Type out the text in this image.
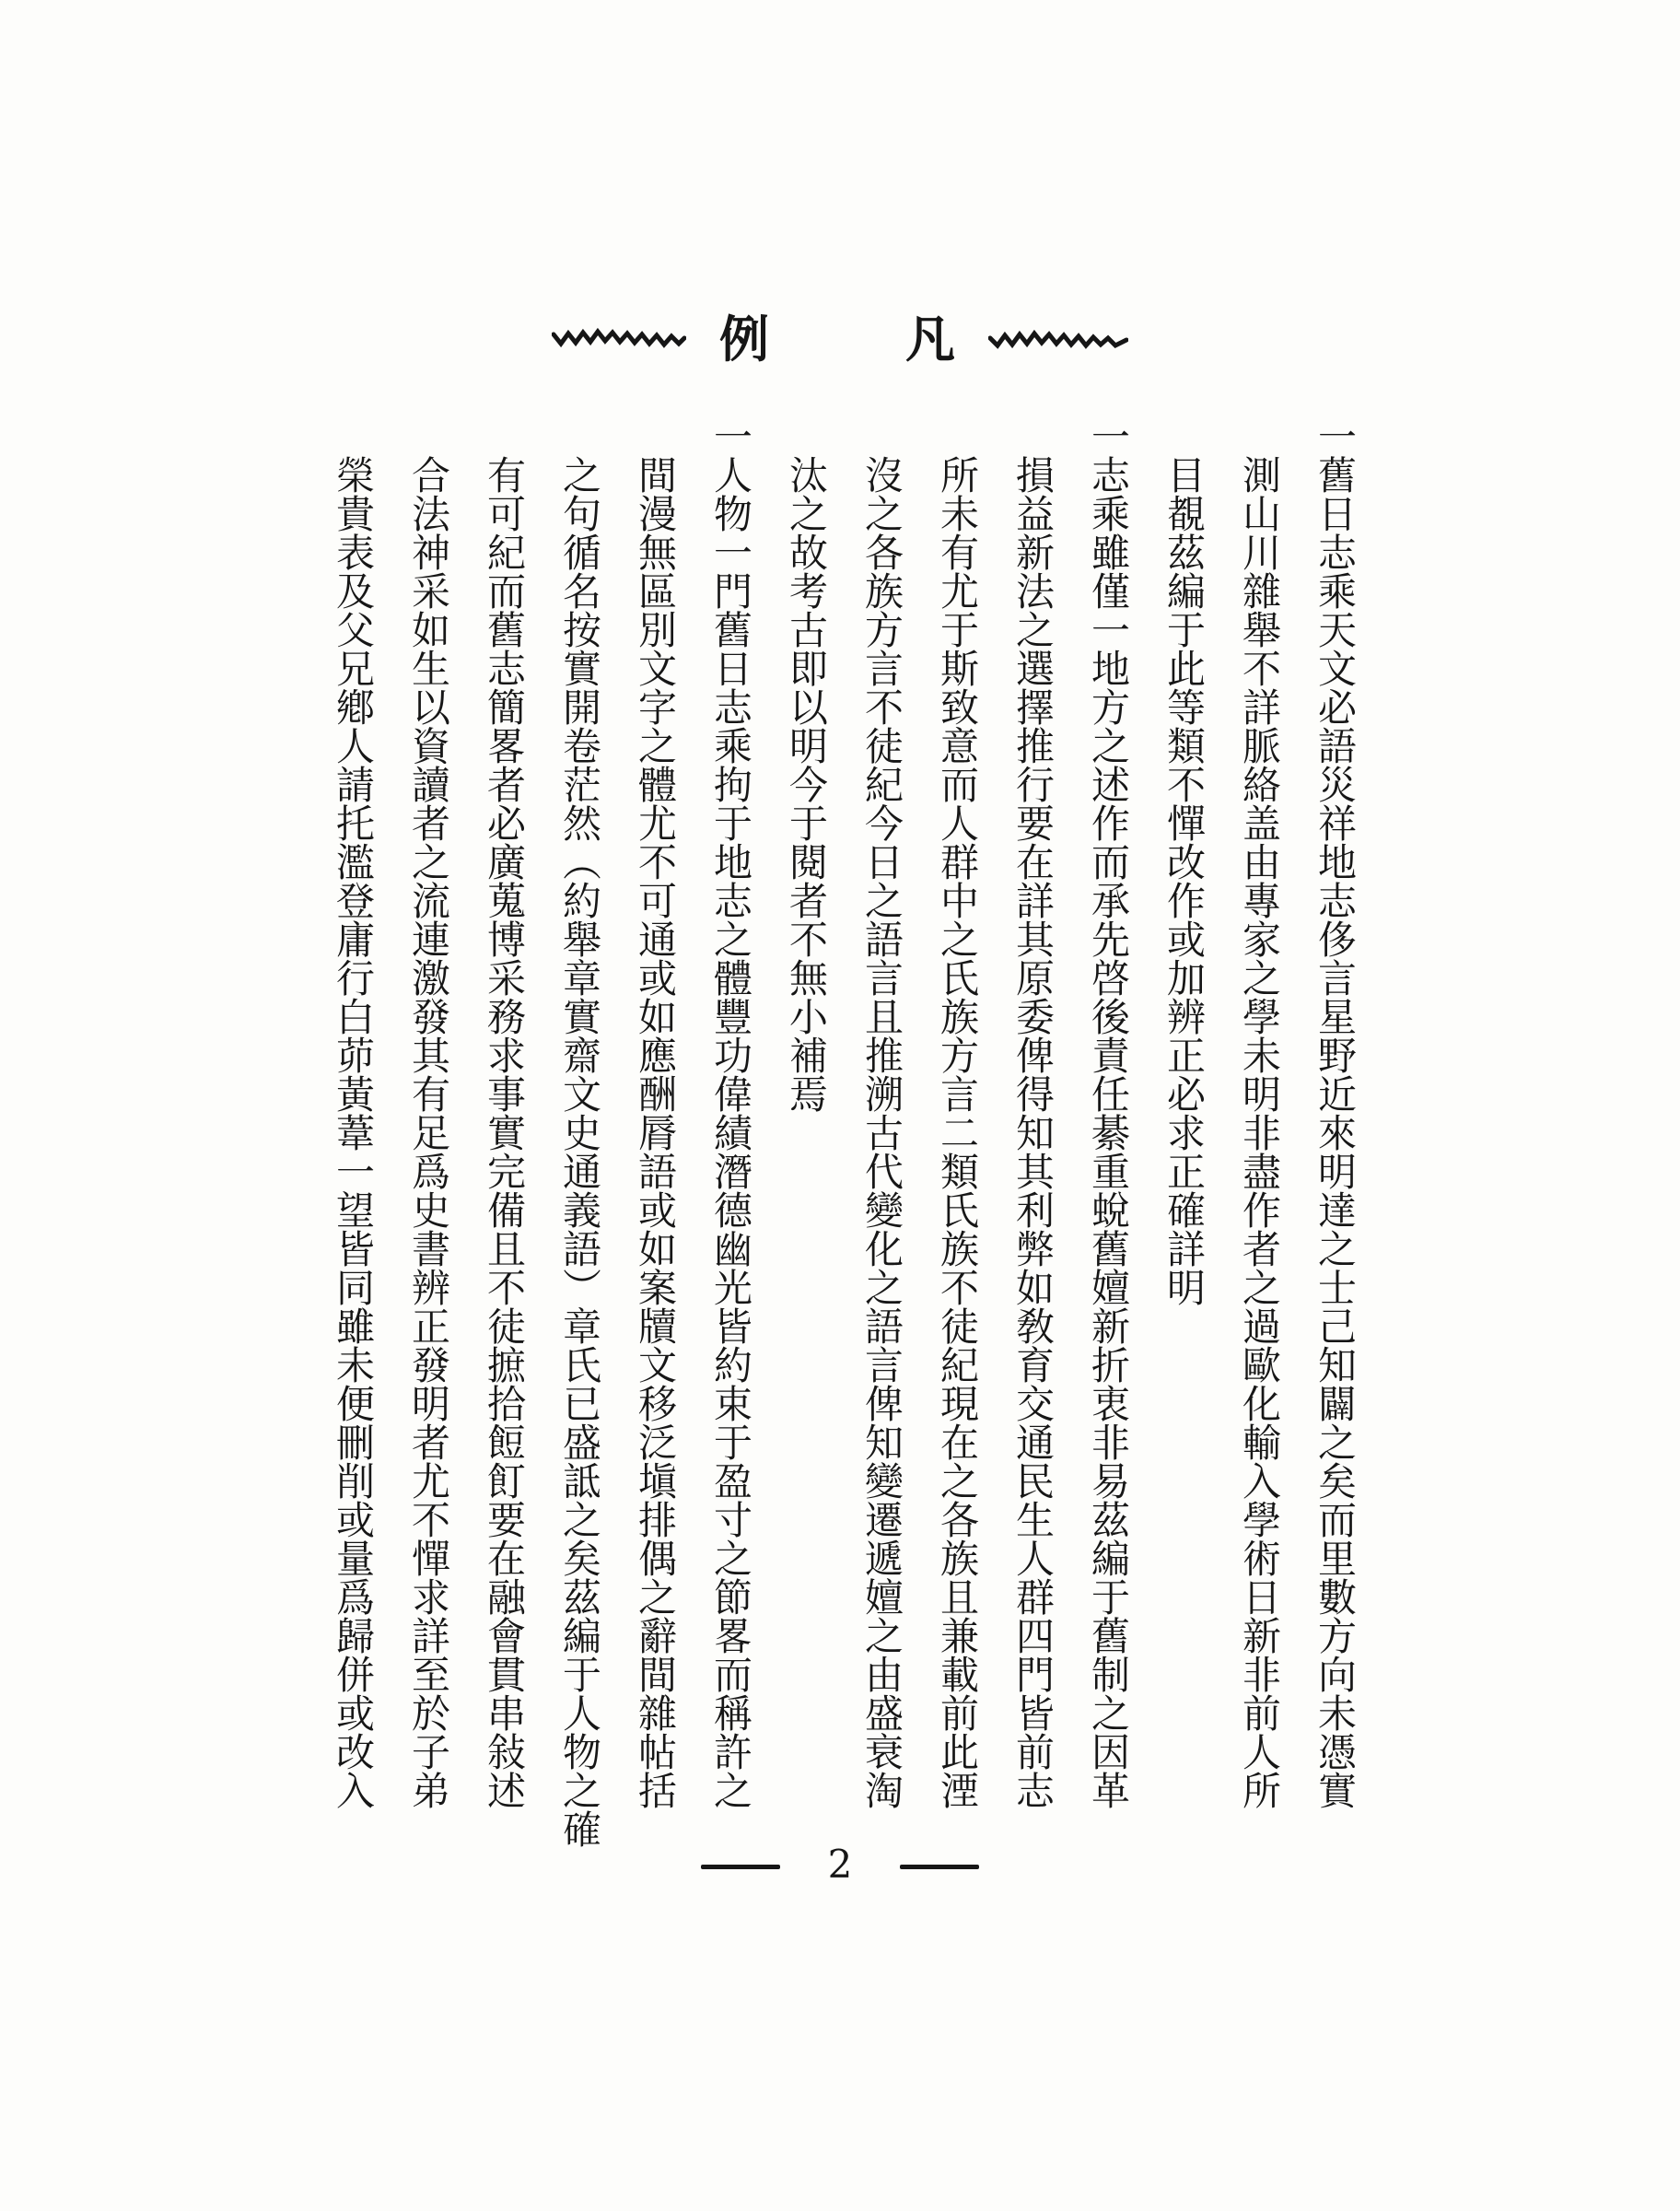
例	凡
一舊日志乘天文必語災祥地志侈言星野近來明達之士己知闢之矣而里數方向未憑實
測山川雜舉不詳脈絡盖由專家之學未明非盡作者之過歐化輸入學術日新非前人所
目覩茲編于此等類不憚改作或加辨正必求正確詳明
一志乘雖僅一地方之述作而承先啓後責任綦重蛻舊嬗新折衷非易茲編于舊制之因革
損益新法之選擇推行要在詳其原委俾得知其利弊如敎育交通民生人群四門皆前志
所未有尤于斯致意而人群中之氏族方言二類氏族不徒紀現在之各族且兼載前此湮
沒之各族方言不徒紀今日之語言且推溯古代變化之語言俾知變遷遞嬗之由盛衰淘
汰之故考古即以明今于閱者不無小補焉
一人物一門舊日志乘拘于地志之體豐功偉績潛德幽光皆約束于盈寸之節畧而稱許之
間漫無區別文字之體尤不可通或如應酬脣語或如案牘文移泛塡排偶之辭間雜帖括
之句循名按實開卷茫然（約舉章實齋文史通義語）章氏已盛詆之矣茲編于人物之確
有可紀而舊志簡畧者必廣蒐博采務求事實完備且不徒摭拾餖飣要在融會貫串敍述
合法神采如生以資讀者之流連激發其有足爲史書辨正發明者尤不憚求詳至於子弟
榮貴表及父兄鄕人請托濫登庸行白茆黃葦一望皆同雖未便刪削或量爲歸併或改入
2
